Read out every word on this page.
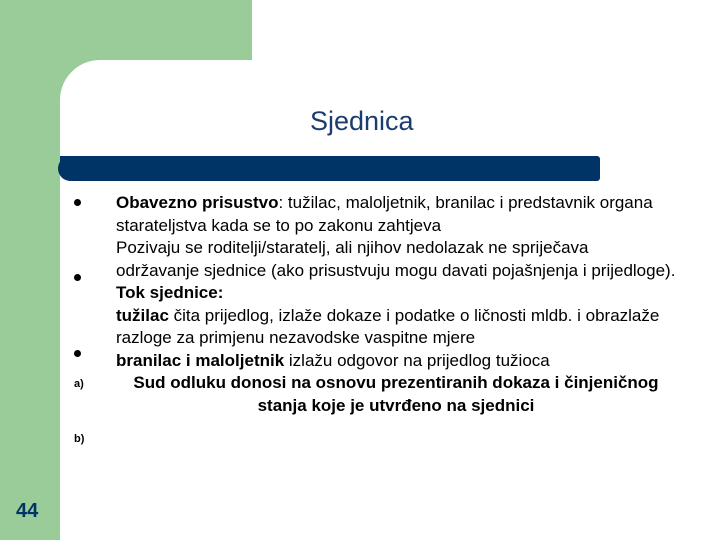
Sjednica
a)
b)

Obavezno prisustvo: tužilac, maloljetnik, branilac i predstavnik organa starateljstva kada se to po zakonu zahtjeva

Pozivaju se roditelji/staratelj, ali njihov nedolazak ne spriječava održavanje sjednice (ako prisustvuju mogu davati pojašnjenja i prijedloge).

Tok sjednice:

tužilac čita prijedlog, izlaže dokaze i podatke o ličnosti mldb. i obrazlaže razloge za primjenu nezavodske vaspitne mjere

branilac i maloljetnik izlažu odgovor na prijedlog tužioca

Sud odluku donosi na osnovu prezentiranih dokaza i činjeničnog stanja koje je utvrđeno na sjednici

44
